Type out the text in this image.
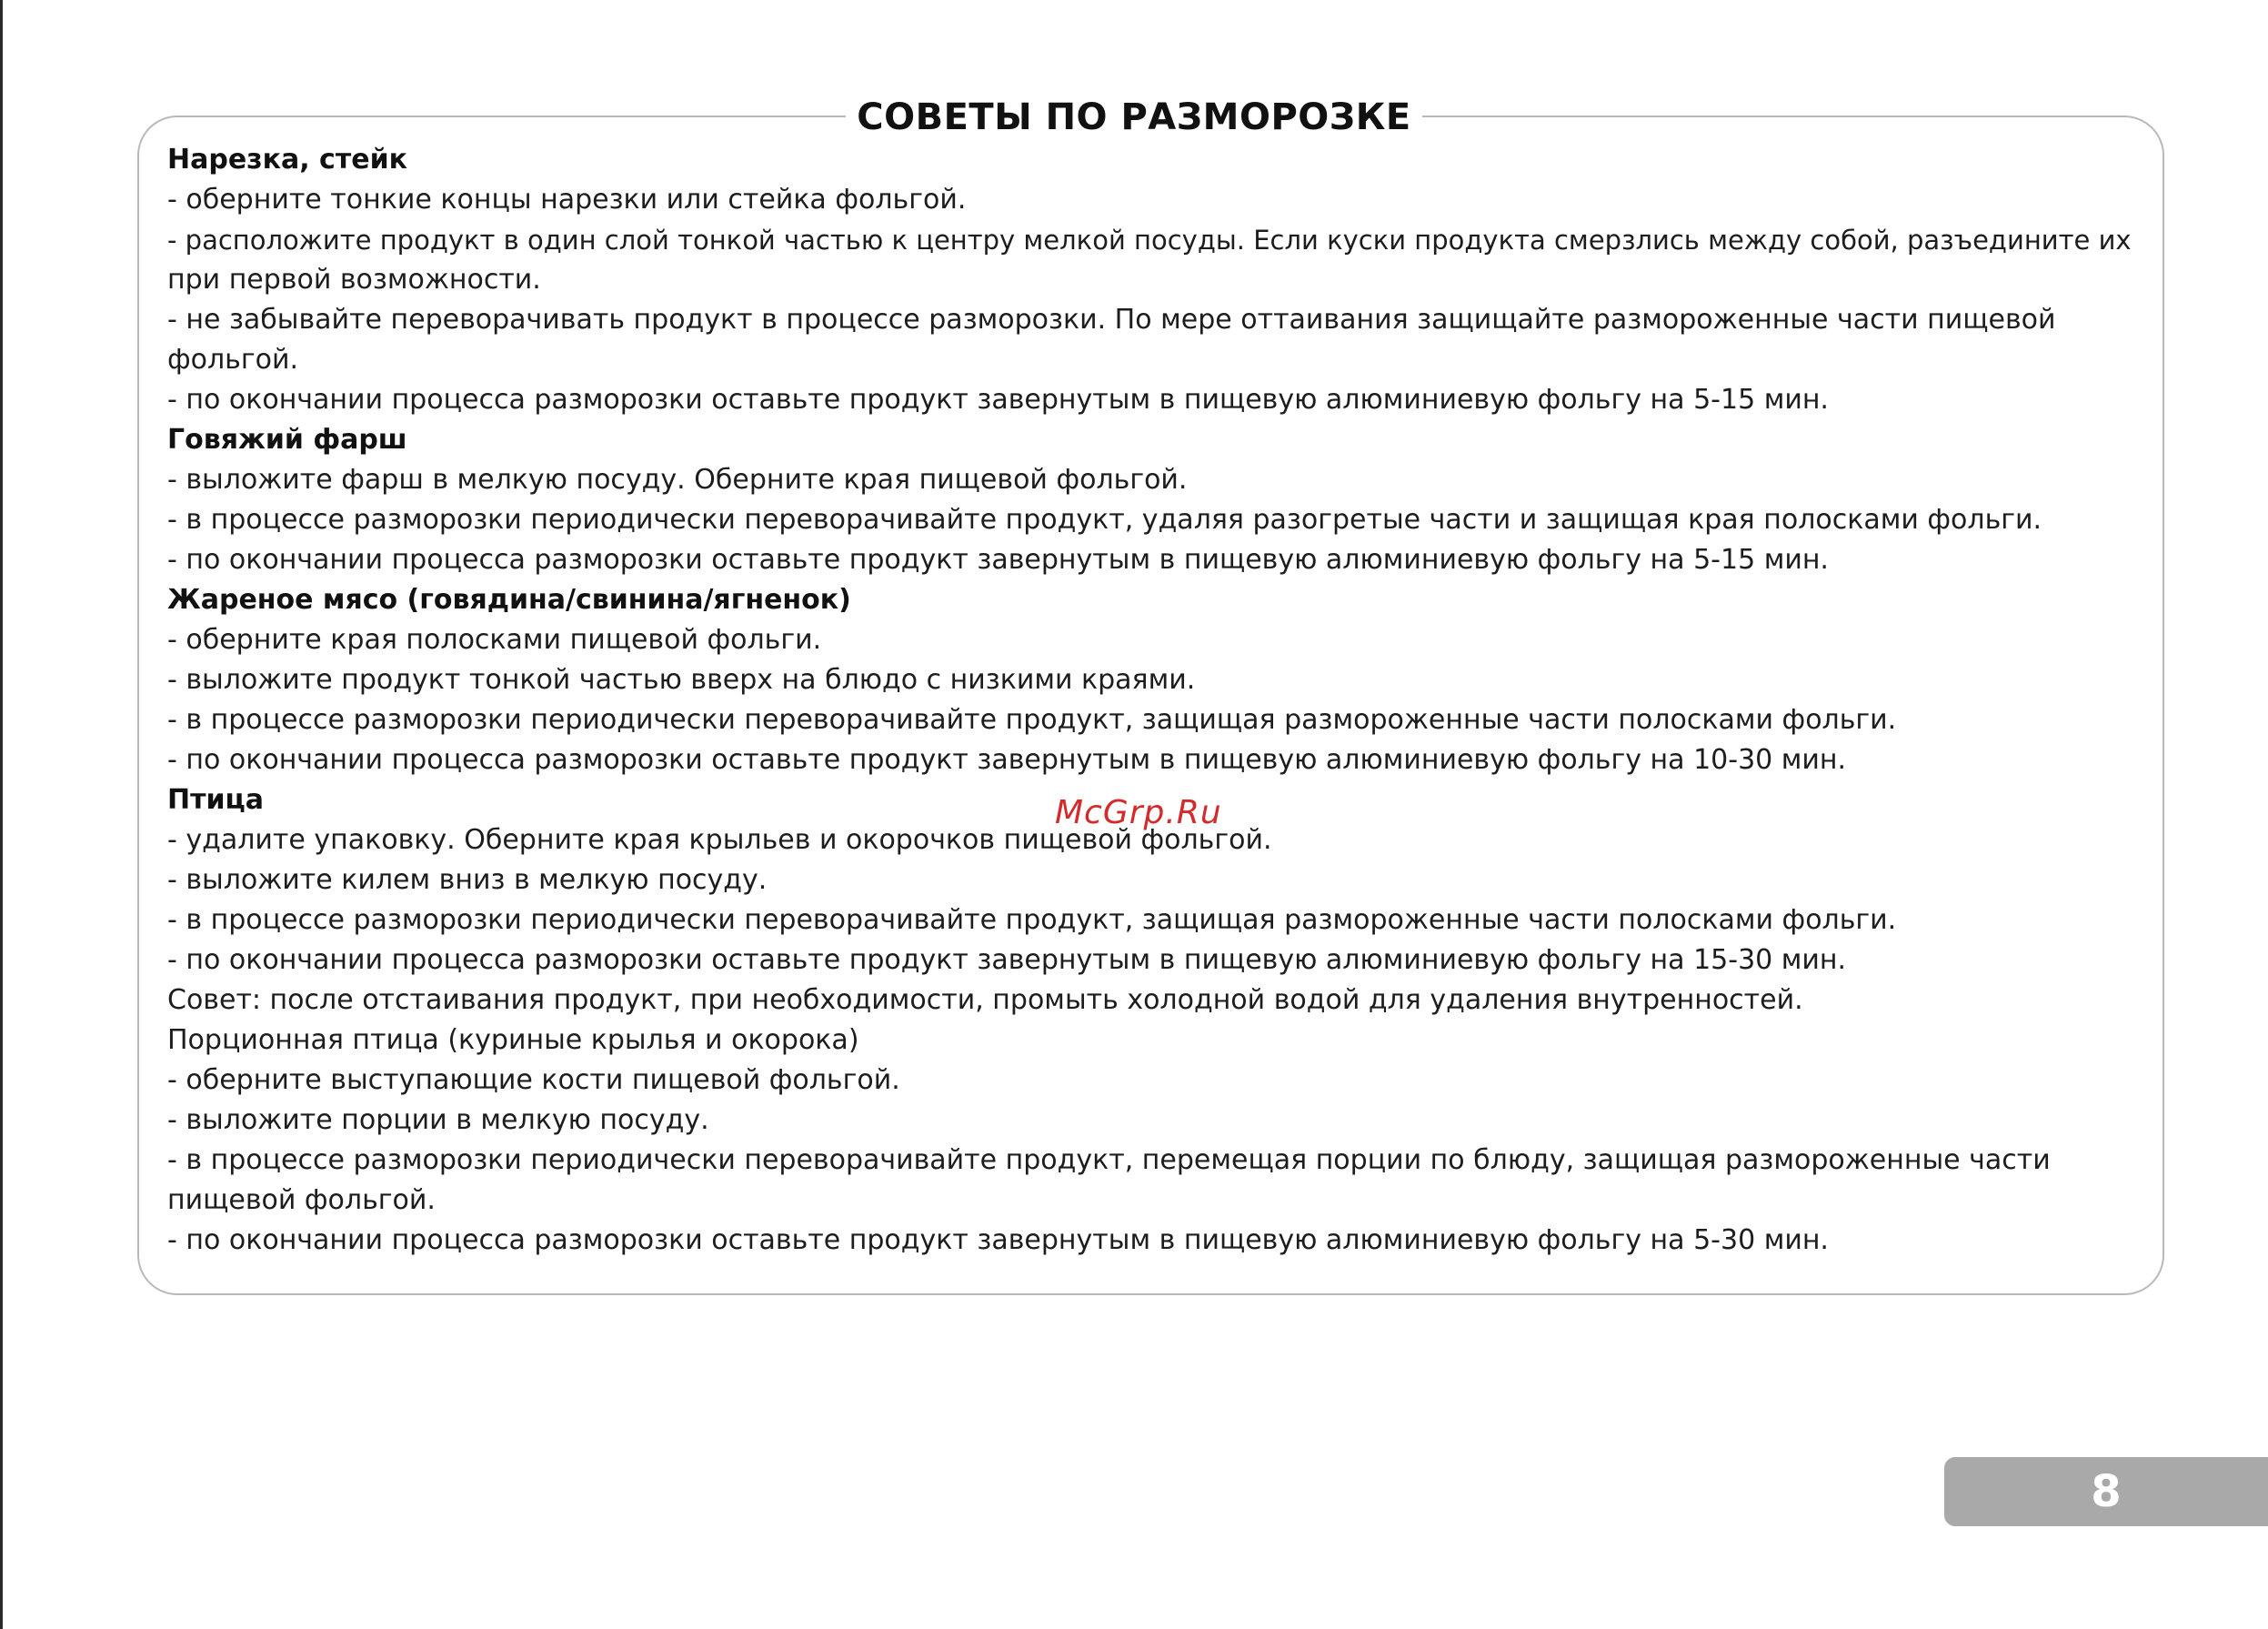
СОВЕТЫ ПО РАЗМОРОЗКЕ
Нарезка, стейк
- оберните тонкие концы нарезки или стейка фольгой.
- расположите продукт в один слой тонкой частью к центру мелкой посуды. Если куски продукта смерзлись между собой, разъедините их
при первой возможности.
- не забывайте переворачивать продукт в процессе разморозки. По мере оттаивания защищайте размороженные части пищевой
фольгой.
- по окончании процесса разморозки оставьте продукт завернутым в пищевую алюминиевую фольгу на 5-15 мин.
Говяжий фарш
- выложите фарш в мелкую посуду. Оберните края пищевой фольгой.
- в процессе разморозки периодически переворачивайте продукт, удаляя разогретые части и защищая края полосками фольги.
- по окончании процесса разморозки оставьте продукт завернутым в пищевую алюминиевую фольгу на 5-15 мин.
Жареное мясо (говядина/свинина/ягненок)
- оберните края полосками пищевой фольги.
- выложите продукт тонкой частью вверх на блюдо с низкими краями.
- в процессе разморозки периодически переворачивайте продукт, защищая размороженные части полосками фольги.
- по окончании процесса разморозки оставьте продукт завернутым в пищевую алюминиевую фольгу на 10-30 мин.
Птица
- удалите упаковку. Оберните края крыльев и окорочков пищевой фольгой.
- выложите килем вниз в мелкую посуду.
- в процессе разморозки периодически переворачивайте продукт, защищая размороженные части полосками фольги.
- по окончании процесса разморозки оставьте продукт завернутым в пищевую алюминиевую фольгу на 15-30 мин.
Совет: после отстаивания продукт, при необходимости, промыть холодной водой для удаления внутренностей.
Порционная птица (куриные крылья и окорока)
- оберните выступающие кости пищевой фольгой.
- выложите порции в мелкую посуду.
- в процессе разморозки периодически переворачивайте продукт, перемещая порции по блюду, защищая размороженные части
пищевой фольгой.
- по окончании процесса разморозки оставьте продукт завернутым в пищевую алюминиевую фольгу на 5-30 мин.
McGrp.Ru
8
